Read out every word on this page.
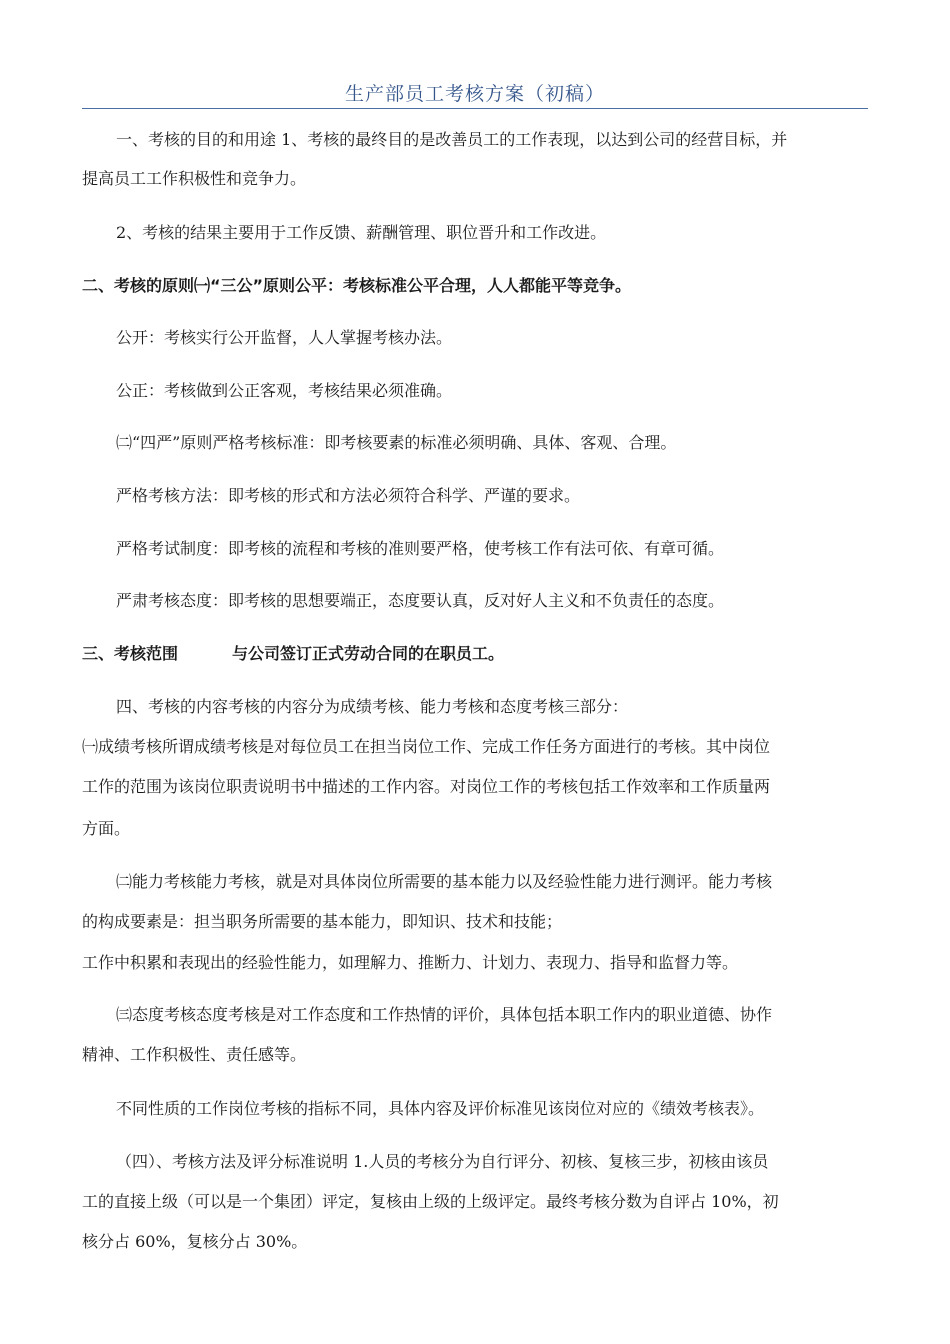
生产部员工考核方案（初稿）
一、考核的目的和用途 1、考核的最终目的是改善员工的工作表现，以达到公司的经营目标，并
提高员工工作积极性和竞争力。
2、考核的结果主要用于工作反馈、薪酬管理、职位晋升和工作改进。
二、考核的原则㈠“三公”原则公平：考核标准公平合理，人人都能平等竞争。
公开：考核实行公开监督，人人掌握考核办法。
公正：考核做到公正客观，考核结果必须准确。
㈡“四严”原则严格考核标准：即考核要素的标准必须明确、具体、客观、合理。
严格考核方法：即考核的形式和方法必须符合科学、严谨的要求。
严格考试制度：即考核的流程和考核的准则要严格，使考核工作有法可依、有章可循。
严肃考核态度：即考核的思想要端正，态度要认真，反对好人主义和不负责任的态度。
三、考核范围	与公司签订正式劳动合同的在职员工。
四、考核的内容考核的内容分为成绩考核、能力考核和态度考核三部分：
㈠成绩考核所谓成绩考核是对每位员工在担当岗位工作、完成工作任务方面进行的考核。其中岗位
工作的范围为该岗位职责说明书中描述的工作内容。对岗位工作的考核包括工作效率和工作质量两
方面。
㈡能力考核能力考核，就是对具体岗位所需要的基本能力以及经验性能力进行测评。能力考核
的构成要素是：担当职务所需要的基本能力，即知识、技术和技能；
工作中积累和表现出的经验性能力，如理解力、推断力、计划力、表现力、指导和监督力等。
㈢态度考核态度考核是对工作态度和工作热情的评价，具体包括本职工作内的职业道德、协作
精神、工作积极性、责任感等。
不同性质的工作岗位考核的指标不同，具体内容及评价标准见该岗位对应的《绩效考核表》。
（四）、考核方法及评分标准说明 1.人员的考核分为自行评分、初核、复核三步，初核由该员
工的直接上级（可以是一个集团）评定，复核由上级的上级评定。最终考核分数为自评占 10%，初
核分占 60%，复核分占 30%。
